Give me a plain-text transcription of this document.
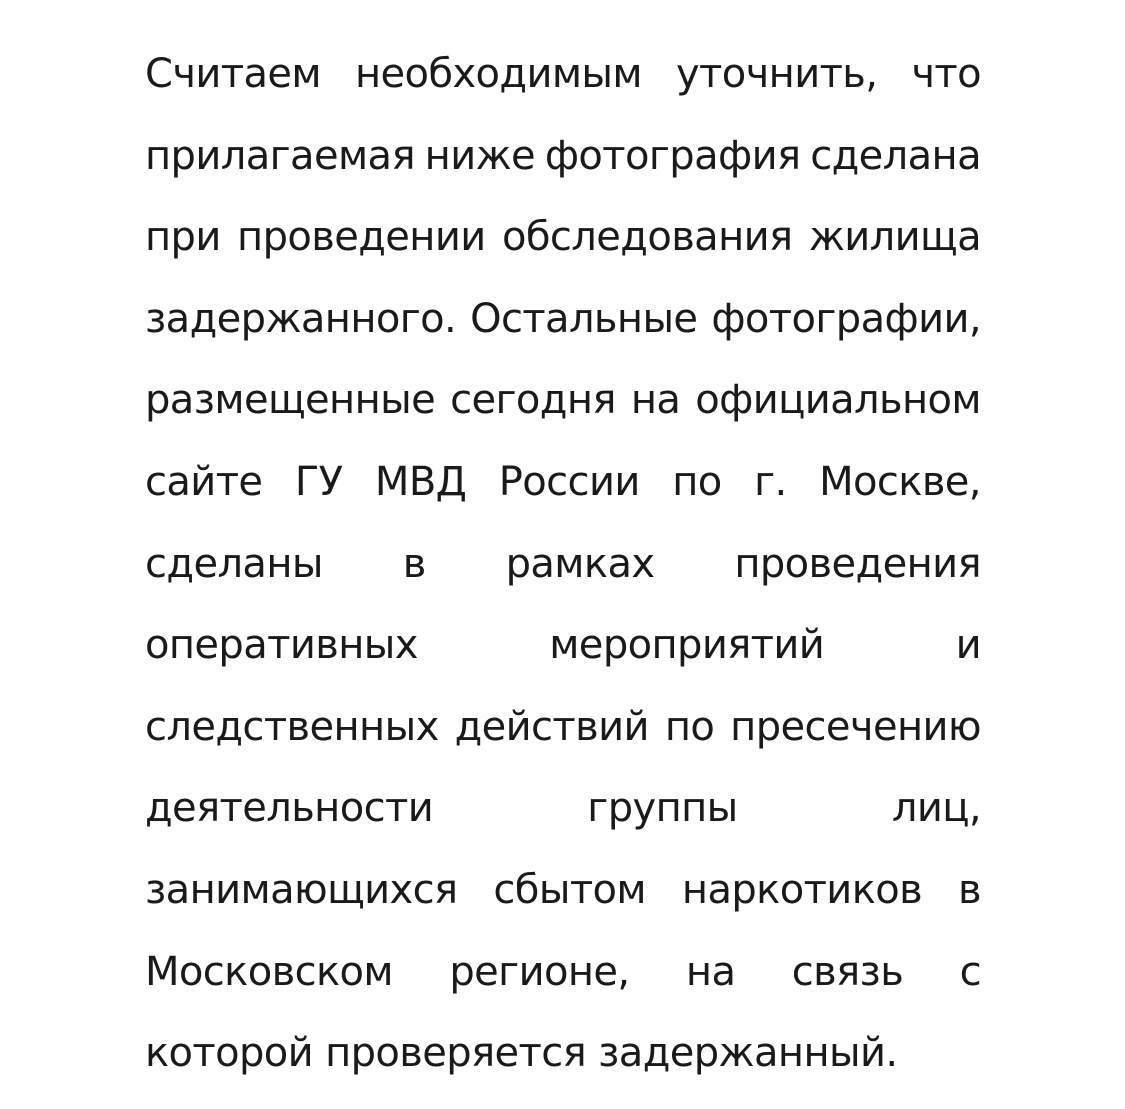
Считаем необходимым уточнить, что
прилагаемая ниже фотография сделана
при проведении обследования жилища
задержанного. Остальные фотографии,
размещенные сегодня на официальном
сайте ГУ МВД России по г. Москве,
сделаны в рамках проведения
оперативных	мероприятий	и
следственных действий по пресечению
деятельности	группы	лиц,
занимающихся сбытом наркотиков в
Московском регионе, на связь с
которой проверяется задержанный.
